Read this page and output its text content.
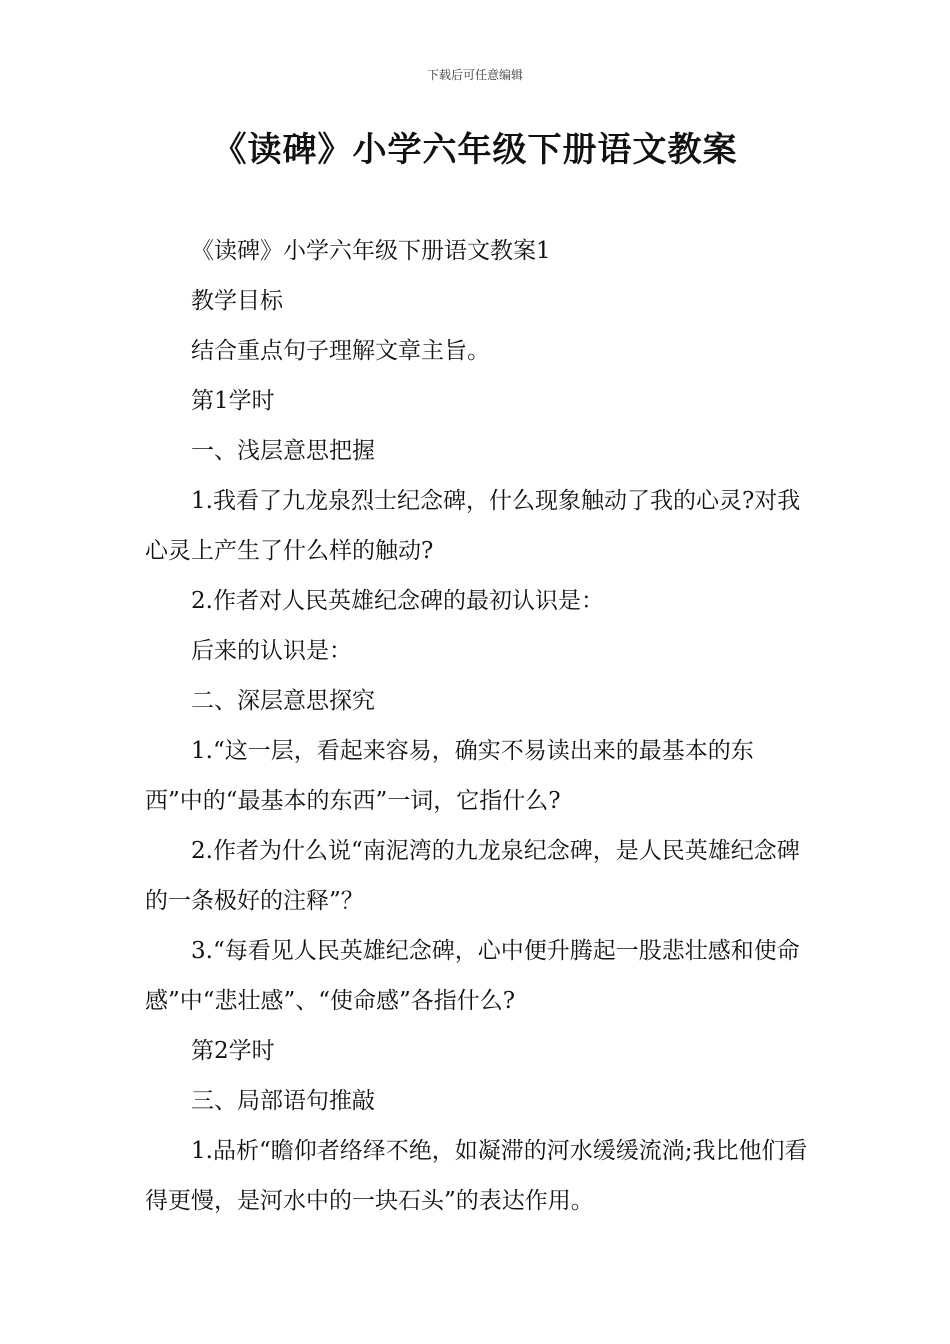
下载后可任意编辑
《读碑》小学六年级下册语文教案

《读碑》小学六年级下册语文教案1

教学目标

结合重点句子理解文章主旨。

第1学时

一、浅层意思把握

1.我看了九龙泉烈士纪念碑，什么现象触动了我的心灵?对我心灵上产生了什么样的触动?

2.作者对人民英雄纪念碑的最初认识是：

后来的认识是：

二、深层意思探究

1.“这一层，看起来容易，确实不易读出来的最基本的东西”中的“最基本的东西”一词，它指什么?

2.作者为什么说“南泥湾的九龙泉纪念碑，是人民英雄纪念碑的一条极好的注释”？

3.“每看见人民英雄纪念碑，心中便升腾起一股悲壮感和使命感”中“悲壮感”、“使命感”各指什么?

第2学时

三、局部语句推敲

1.品析“瞻仰者络绎不绝，如凝滞的河水缓缓流淌;我比他们看得更慢，是河水中的一块石头”的表达作用。
